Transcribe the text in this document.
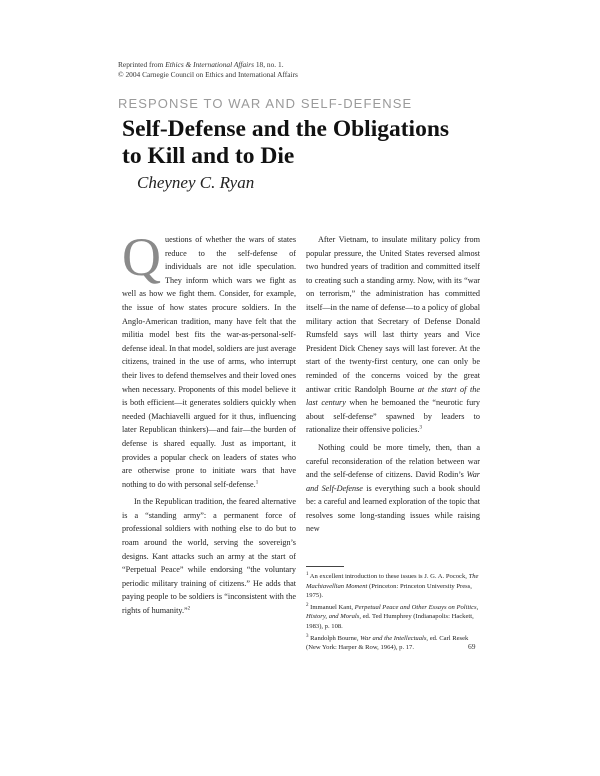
Reprinted from Ethics & International Affairs 18, no. 1.
© 2004 Carnegie Council on Ethics and International Affairs
RESPONSE TO WAR AND SELF-DEFENSE
Self-Defense and the Obligations
to Kill and to Die
Cheyney C. Ryan

Questions of whether the wars of states reduce to the self-defense of individuals are not idle speculation. They inform which wars we fight as well as how we fight them. Consider, for example, the issue of how states procure soldiers. In the Anglo-American tradition, many have felt that the militia model best fits the war-as-personal-self-defense ideal. In that model, soldiers are just average citizens, trained in the use of arms, who interrupt their lives to defend themselves and their loved ones when necessary. Proponents of this model believe it is both efficient—it generates soldiers quickly when needed (Machiavelli argued for it thus, influencing later Republican thinkers)—and fair—the burden of defense is shared equally. Just as important, it provides a popular check on leaders of states who are otherwise prone to initiate wars that have nothing to do with personal self-defense.$^1$

In the Republican tradition, the feared alternative is a “standing army”: a permanent force of professional soldiers with nothing else to do but to roam around the world, serving the sovereign’s designs. Kant attacks such an army at the start of “Perpetual Peace” while endorsing “the voluntary periodic military training of citizens.” He adds that paying people to be soldiers is “inconsistent with the rights of humanity.”$^2$

After Vietnam, to insulate military policy from popular pressure, the United States reversed almost two hundred years of tradition and committed itself to creating such a standing army. Now, with its “war on terrorism,” the administration has committed itself—in the name of defense—to a policy of global military action that Secretary of Defense Donald Rumsfeld says will last thirty years and Vice President Dick Cheney says will last forever. At the start of the twenty-first century, one can only be reminded of the concerns voiced by the great antiwar critic Randolph Bourne at the start of the last century when he bemoaned the “neurotic fury about self-defense” spawned by leaders to rationalize their offensive policies.$^3$

Nothing could be more timely, then, than a careful reconsideration of the relation between war and the self-defense of citizens. David Rodin’s War and Self-Defense is everything such a book should be: a careful and learned exploration of the topic that resolves some long-standing issues while raising new

$^1$ An excellent introduction to these issues is J. G. A. Pocock, The Machiavellian Moment (Princeton: Princeton University Press, 1975).
$^2$ Immanuel Kant, Perpetual Peace and Other Essays on Politics, History, and Morals, ed. Ted Humphrey (Indianapolis: Hackett, 1983), p. 108.
$^3$ Randolph Bourne, War and the Intellectuals, ed. Carl Resek (New York: Harper & Row, 1964), p. 17.	69
